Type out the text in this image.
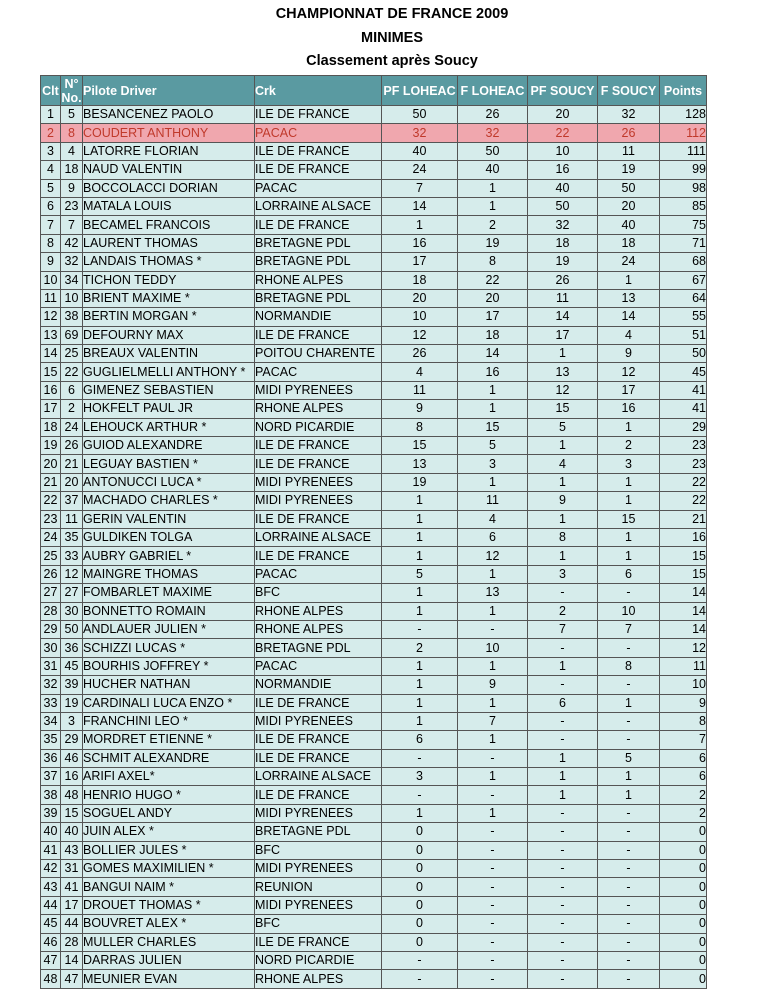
CHAMPIONNAT DE FRANCE 2009
MINIMES
Classement après Soucy
Clt	N° No.	Pilote Driver	Crk	PF LOHEAC	F LOHEAC	PF SOUCY	F SOUCY	Points
1	5	BESANCENEZ PAOLO	ILE DE FRANCE	50	26	20	32	128
2	8	COUDERT ANTHONY	PACAC	32	32	22	26	112
3	4	LATORRE FLORIAN	ILE DE FRANCE	40	50	10	11	111
4	18	NAUD VALENTIN	ILE DE FRANCE	24	40	16	19	99
5	9	BOCCOLACCI DORIAN	PACAC	7	1	40	50	98
6	23	MATALA LOUIS	LORRAINE ALSACE	14	1	50	20	85
7	7	BECAMEL FRANCOIS	ILE DE FRANCE	1	2	32	40	75
8	42	LAURENT THOMAS	BRETAGNE PDL	16	19	18	18	71
9	32	LANDAIS THOMAS *	BRETAGNE PDL	17	8	19	24	68
10	34	TICHON TEDDY	RHONE ALPES	18	22	26	1	67
11	10	BRIENT MAXIME *	BRETAGNE PDL	20	20	11	13	64
12	38	BERTIN MORGAN *	NORMANDIE	10	17	14	14	55
13	69	DEFOURNY MAX	ILE DE FRANCE	12	18	17	4	51
14	25	BREAUX VALENTIN	POITOU CHARENTE	26	14	1	9	50
15	22	GUGLIELMELLI ANTHONY *	PACAC	4	16	13	12	45
16	6	GIMENEZ SEBASTIEN	MIDI PYRENEES	11	1	12	17	41
17	2	HOKFELT PAUL JR	RHONE ALPES	9	1	15	16	41
18	24	LEHOUCK ARTHUR *	NORD PICARDIE	8	15	5	1	29
19	26	GUIOD ALEXANDRE	ILE DE FRANCE	15	5	1	2	23
20	21	LEGUAY BASTIEN *	ILE DE FRANCE	13	3	4	3	23
21	20	ANTONUCCI LUCA *	MIDI PYRENEES	19	1	1	1	22
22	37	MACHADO CHARLES *	MIDI PYRENEES	1	11	9	1	22
23	11	GERIN VALENTIN	ILE DE FRANCE	1	4	1	15	21
24	35	GULDIKEN TOLGA	LORRAINE ALSACE	1	6	8	1	16
25	33	AUBRY GABRIEL *	ILE DE FRANCE	1	12	1	1	15
26	12	MAINGRE THOMAS	PACAC	5	1	3	6	15
27	27	FOMBARLET MAXIME	BFC	1	13	-	-	14
28	30	BONNETTO ROMAIN	RHONE ALPES	1	1	2	10	14
29	50	ANDLAUER JULIEN *	RHONE ALPES	-	-	7	7	14
30	36	SCHIZZI LUCAS *	BRETAGNE PDL	2	10	-	-	12
31	45	BOURHIS JOFFREY *	PACAC	1	1	1	8	11
32	39	HUCHER NATHAN	NORMANDIE	1	9	-	-	10
33	19	CARDINALI LUCA ENZO *	ILE DE FRANCE	1	1	6	1	9
34	3	FRANCHINI LEO *	MIDI PYRENEES	1	7	-	-	8
35	29	MORDRET ETIENNE *	ILE DE FRANCE	6	1	-	-	7
36	46	SCHMIT ALEXANDRE	ILE DE FRANCE	-	-	1	5	6
37	16	ARIFI AXEL*	LORRAINE ALSACE	3	1	1	1	6
38	48	HENRIO HUGO *	ILE DE FRANCE	-	-	1	1	2
39	15	SOGUEL ANDY	MIDI PYRENEES	1	1	-	-	2
40	40	JUIN ALEX *	BRETAGNE PDL	0	-	-	-	0
41	43	BOLLIER JULES *	BFC	0	-	-	-	0
42	31	GOMES MAXIMILIEN *	MIDI PYRENEES	0	-	-	-	0
43	41	BANGUI NAIM *	REUNION	0	-	-	-	0
44	17	DROUET THOMAS *	MIDI PYRENEES	0	-	-	-	0
45	44	BOUVRET ALEX *	BFC	0	-	-	-	0
46	28	MULLER CHARLES	ILE DE FRANCE	0	-	-	-	0
47	14	DARRAS JULIEN	NORD PICARDIE	-	-	-	-	0
48	47	MEUNIER EVAN	RHONE ALPES	-	-	-	-	0
